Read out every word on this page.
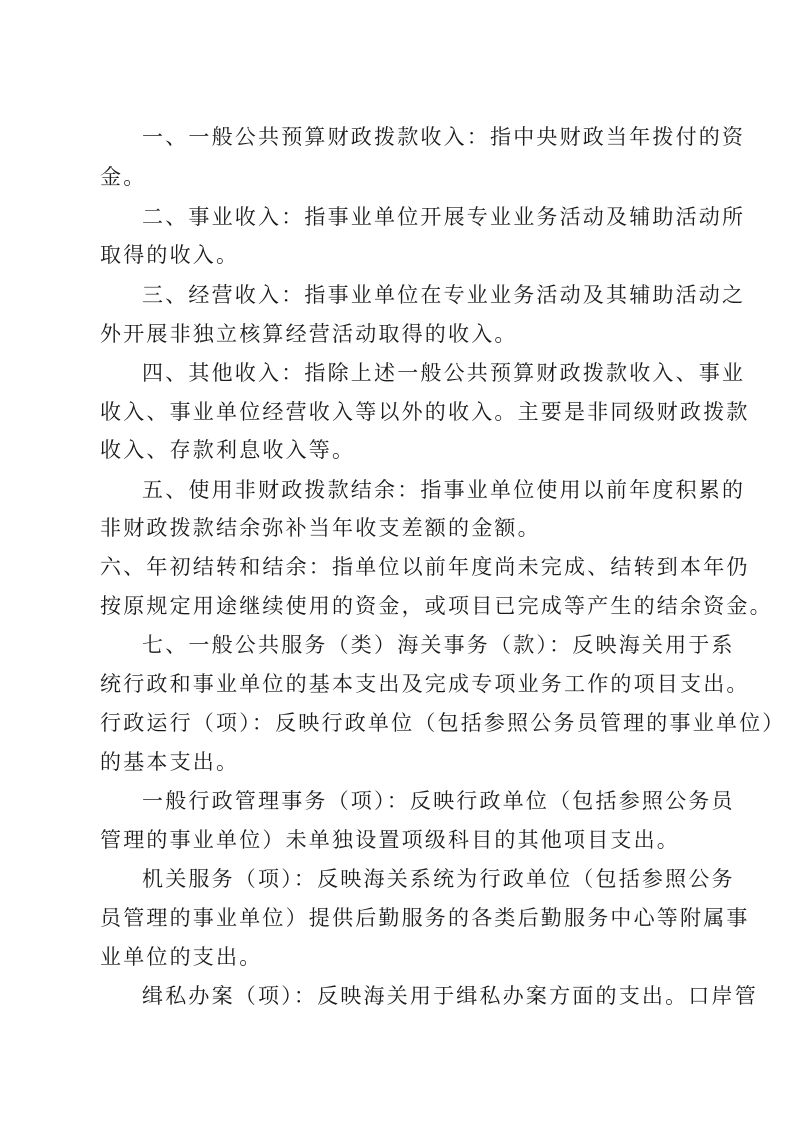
一、一般公共预算财政拨款收入：指中央财政当年拨付的资
金。
二、事业收入：指事业单位开展专业业务活动及辅助活动所
取得的收入。
三、经营收入：指事业单位在专业业务活动及其辅助活动之
外开展非独立核算经营活动取得的收入。
四、其他收入：指除上述一般公共预算财政拨款收入、事业
收入、事业单位经营收入等以外的收入。主要是非同级财政拨款
收入、存款利息收入等。
五、使用非财政拨款结余：指事业单位使用以前年度积累的
非财政拨款结余弥补当年收支差额的金额。
六、年初结转和结余：指单位以前年度尚未完成、结转到本年仍
按原规定用途继续使用的资金，或项目已完成等产生的结余资金。
七、一般公共服务（类）海关事务（款）：反映海关用于系
统行政和事业单位的基本支出及完成专项业务工作的项目支出。
行政运行（项）：反映行政单位（包括参照公务员管理的事业单位）
的基本支出。
一般行政管理事务（项）：反映行政单位（包括参照公务员
管理的事业单位）未单独设置项级科目的其他项目支出。
机关服务（项）：反映海关系统为行政单位（包括参照公务
员管理的事业单位）提供后勤服务的各类后勤服务中心等附属事
业单位的支出。
缉私办案（项）：反映海关用于缉私办案方面的支出。口岸管
